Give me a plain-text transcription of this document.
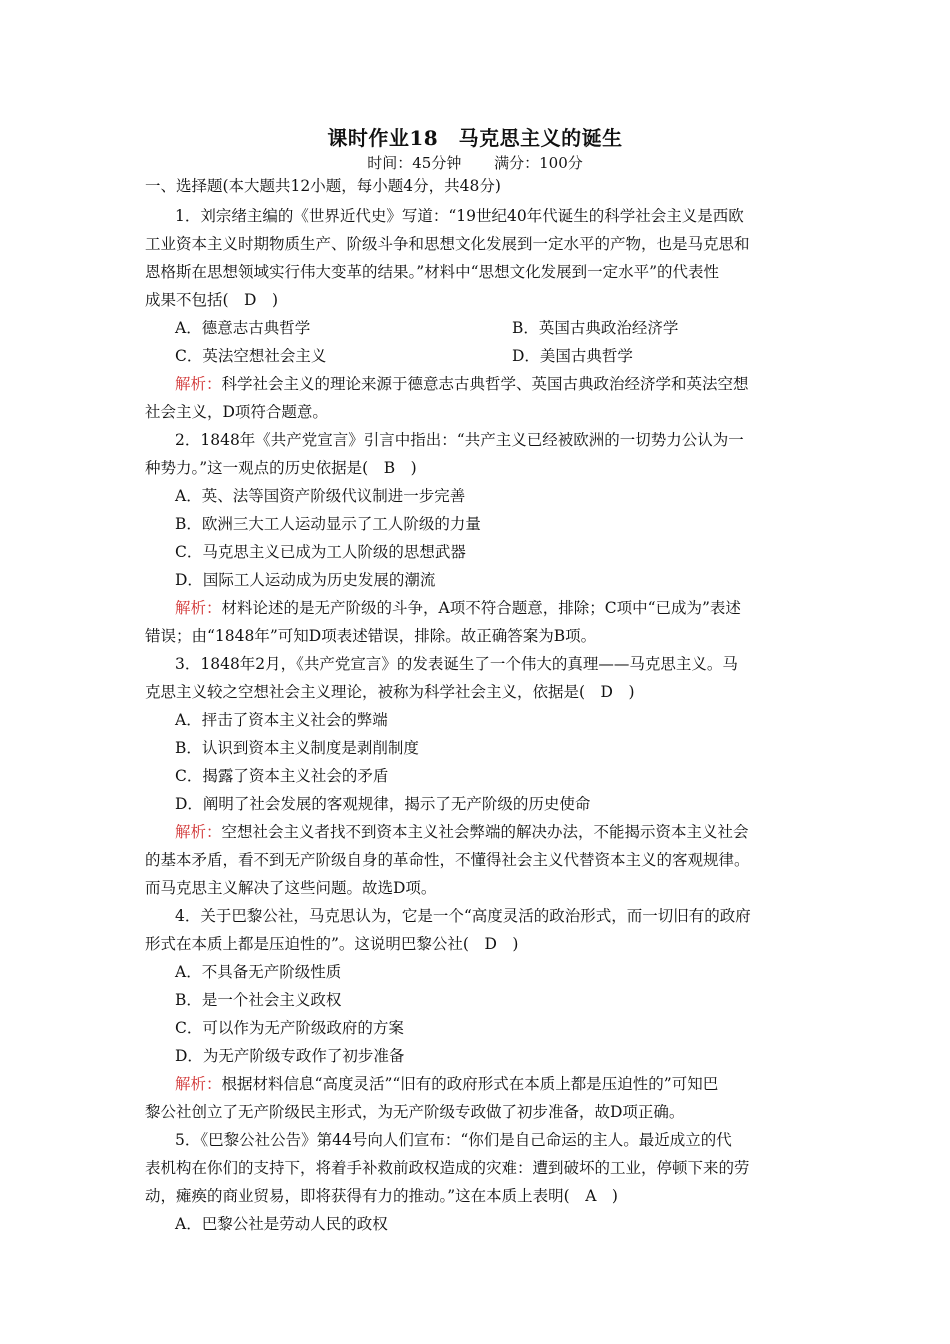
课时作业18　马克思主义的诞生
时间：45分钟 满分：100分
一、选择题(本大题共12小题，每小题4分，共48分)
1．刘宗绪主编的《世界近代史》写道：“19世纪40年代诞生的科学社会主义是西欧
工业资本主义时期物质生产、阶级斗争和思想文化发展到一定水平的产物，也是马克思和
恩格斯在思想领域实行伟大变革的结果。”材料中“思想文化发展到一定水平”的代表性
成果不包括(　D　)
A．德意志古典哲学	B．英国古典政治经济学
C．英法空想社会主义	D．美国古典哲学
解析：科学社会主义的理论来源于德意志古典哲学、英国古典政治经济学和英法空想
社会主义，D项符合题意。
2．1848年《共产党宣言》引言中指出：“共产主义已经被欧洲的一切势力公认为一
种势力。”这一观点的历史依据是(　B　)
A．英、法等国资产阶级代议制进一步完善
B．欧洲三大工人运动显示了工人阶级的力量
C．马克思主义已成为工人阶级的思想武器
D．国际工人运动成为历史发展的潮流
解析：材料论述的是无产阶级的斗争，A项不符合题意，排除；C项中“已成为”表述
错误；由“1848年”可知D项表述错误，排除。故正确答案为B项。
3．1848年2月，《共产党宣言》的发表诞生了一个伟大的真理——马克思主义。马
克思主义较之空想社会主义理论，被称为科学社会主义，依据是(　D　)
A．抨击了资本主义社会的弊端
B．认识到资本主义制度是剥削制度
C．揭露了资本主义社会的矛盾
D．阐明了社会发展的客观规律，揭示了无产阶级的历史使命
解析：空想社会主义者找不到资本主义社会弊端的解决办法，不能揭示资本主义社会
的基本矛盾，看不到无产阶级自身的革命性，不懂得社会主义代替资本主义的客观规律。
而马克思主义解决了这些问题。故选D项。
4．关于巴黎公社，马克思认为，它是一个“高度灵活的政治形式，而一切旧有的政府
形式在本质上都是压迫性的”。这说明巴黎公社(　D　)
A．不具备无产阶级性质
B．是一个社会主义政权
C．可以作为无产阶级政府的方案
D．为无产阶级专政作了初步准备
解析：根据材料信息“高度灵活”“旧有的政府形式在本质上都是压迫性的”可知巴
黎公社创立了无产阶级民主形式，为无产阶级专政做了初步准备，故D项正确。
5．《巴黎公社公告》第44号向人们宣布：“你们是自己命运的主人。最近成立的代
表机构在你们的支持下，将着手补救前政权造成的灾难：遭到破坏的工业，停顿下来的劳
动，瘫痪的商业贸易，即将获得有力的推动。”这在本质上表明(　A　)
A．巴黎公社是劳动人民的政权
